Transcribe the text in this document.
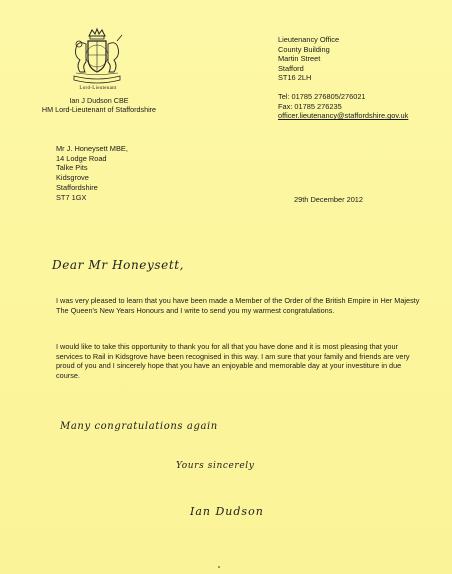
Lord-Lieutenant
Ian J Dudson CBE
HM Lord-Lieutenant of Staffordshire
Lieutenancy Office
County Building
Martin Street
Stafford
ST16 2LH
Tel: 01785 276805/276021
Fax: 01785 276235
officer.lieutenancy@staffordshire.gov.uk
Mr J. Honeysett MBE,
14 Lodge Road
Talke Pits
Kidsgrove
Staffordshire
ST7 1GX	29th December 2012
Dear Mr Honeysett,
I was very pleased to learn that you have been made a Member of the Order of the British Empire in Her Majesty The Queen's New Years Honours and I write to send you my warmest congratulations.
I would like to take this opportunity to thank you for all that you have done and it is most pleasing that your services to Rail in Kidsgrove have been recognised in this way. I am sure that your family and friends are very proud of you and I sincerely hope that you have an enjoyable and memorable day at your investiture in due course.
Many congratulations again
Yours sincerely
Ian Dudson
